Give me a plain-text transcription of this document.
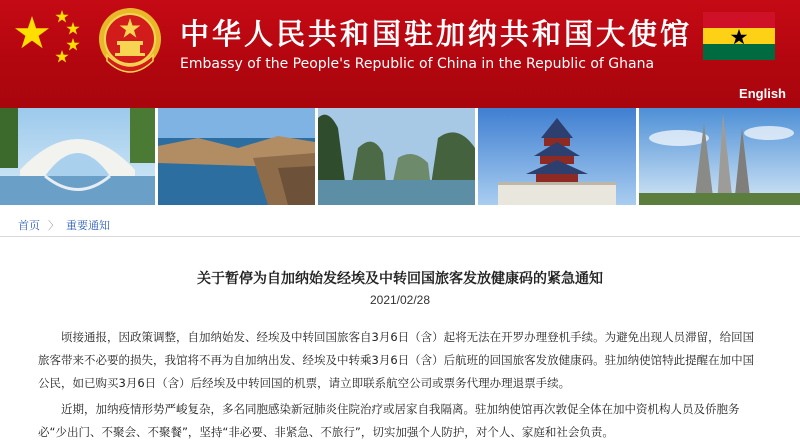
中华人民共和国驻加纳共和国大使馆
Embassy of the People's Republic of China in the Republic of Ghana
English
首页 〉 重要通知
关于暂停为自加纳始发经埃及中转回国旅客发放健康码的紧急通知
2021/02/28

顷接通报，因政策调整，自加纳始发、经埃及中转回国旅客自3月6日（含）起将无法在开罗办理登机手续。为避免出现人员滞留，给回国旅客带来不必要的损失，我馆将不再为自加纳出发、经埃及中转乘3月6日（含）后航班的回国旅客发放健康码。驻加纳使馆特此提醒在加中国公民，如已购买3月6日（含）后经埃及中转回国的机票，请立即联系航空公司或票务代理办理退票手续。

近期，加纳疫情形势严峻复杂，多名同胞感染新冠肺炎住院治疗或居家自我隔离。驻加纳使馆再次敦促全体在加中资机构人员及侨胞务必“少出门、不聚会、不聚餐”，坚持“非必要、非紧急、不旅行”，切实加强个人防护，对个人、家庭和社会负责。
